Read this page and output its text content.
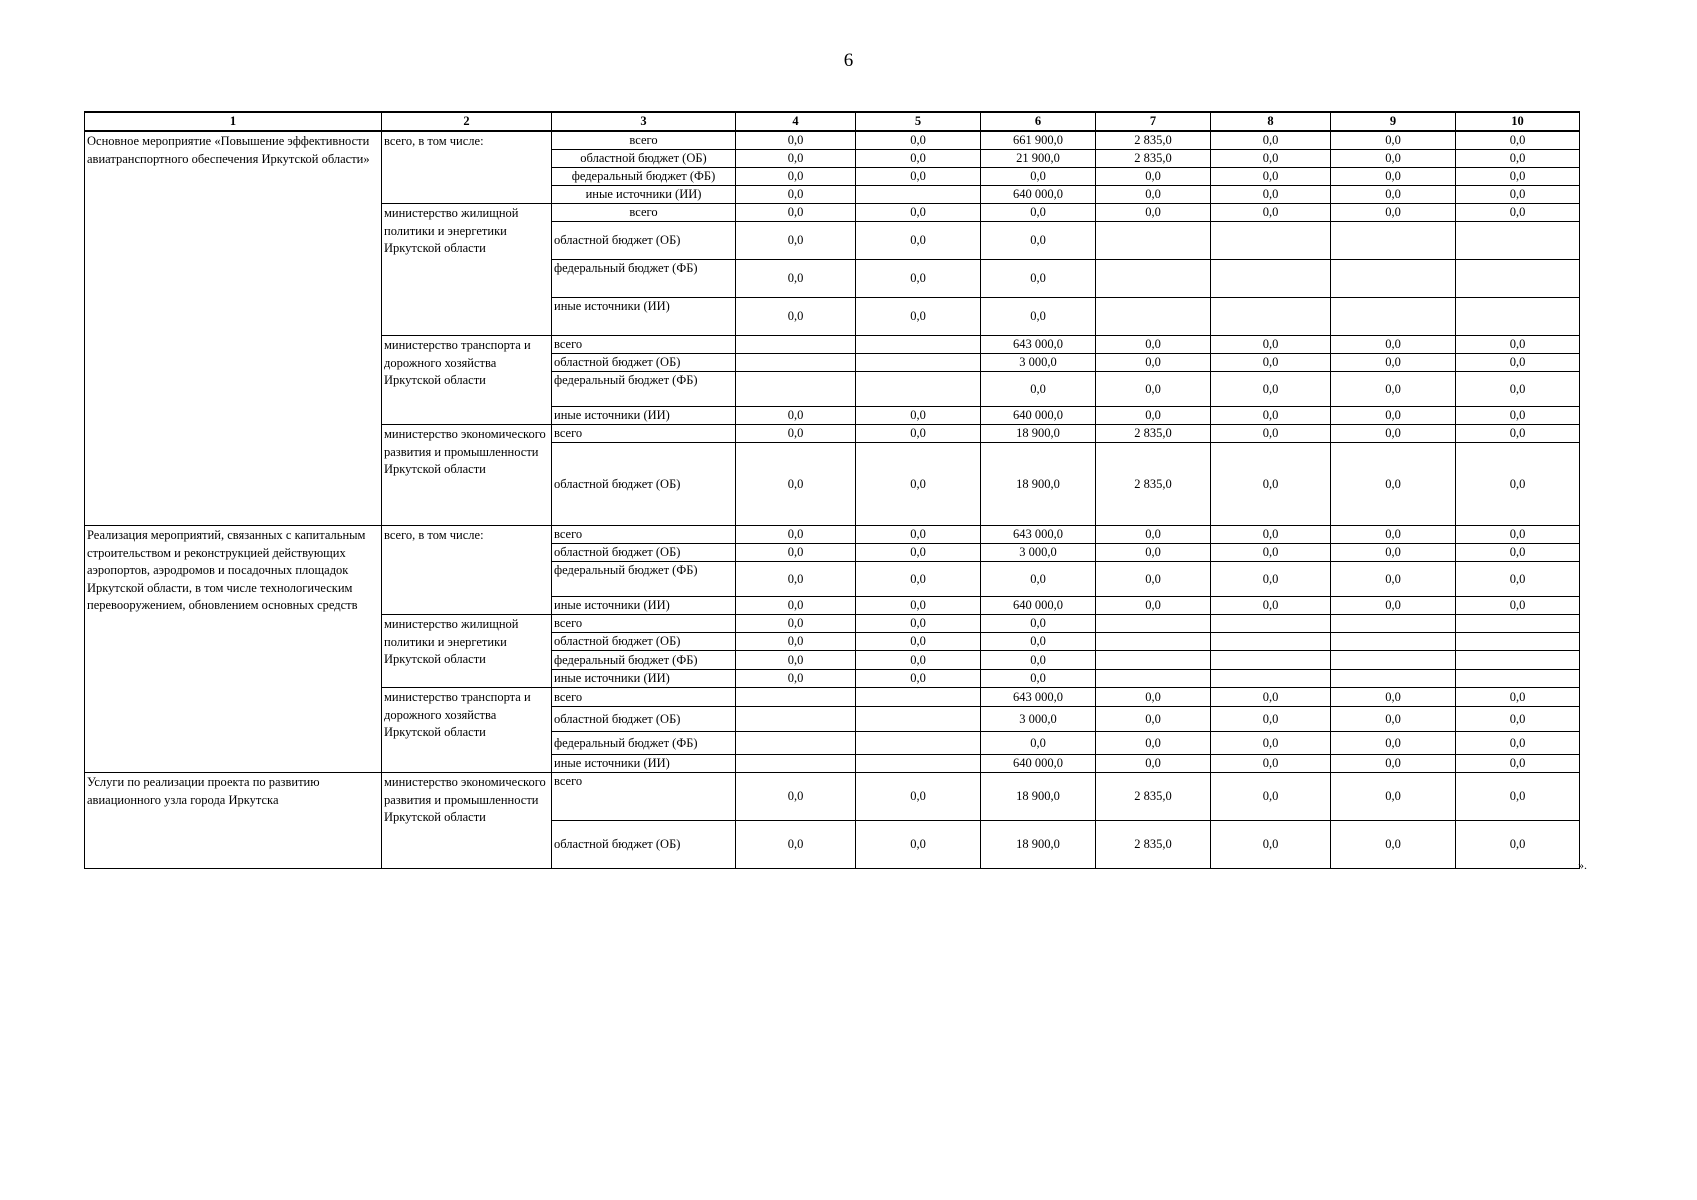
6
1	2	3	4	5	6	7	8	9	10
Основное мероприятие «Повышение эффективности авиатранспортного обеспечения Иркутской области»	всего, в том числе:	всего	0,0	0,0	661 900,0	2 835,0	0,0	0,0	0,0
		областной бюджет (ОБ)	0,0	0,0	21 900,0	2 835,0	0,0	0,0	0,0
		федеральный бюджет (ФБ)	0,0	0,0	0,0	0,0	0,0	0,0	0,0
		иные источники (ИИ)	0,0		640 000,0	0,0	0,0	0,0	0,0
	министерство жилищной политики и энергетики Иркутской области	всего	0,0	0,0	0,0	0,0	0,0	0,0	0,0
		областной бюджет (ОБ)	0,0	0,0	0,0				
		федеральный бюджет (ФБ)	0,0	0,0	0,0				
		иные источники (ИИ)	0,0	0,0	0,0				
	министерство транспорта и дорожного хозяйства Иркутской области	всего			643 000,0	0,0	0,0	0,0	0,0
		областной бюджет (ОБ)			3 000,0	0,0	0,0	0,0	0,0
		федеральный бюджет (ФБ)			0,0	0,0	0,0	0,0	0,0
		иные источники (ИИ)	0,0	0,0	640 000,0	0,0	0,0	0,0	0,0
	министерство экономического развития и промышленности Иркутской области	всего	0,0	0,0	18 900,0	2 835,0	0,0	0,0	0,0
		областной бюджет (ОБ)	0,0	0,0	18 900,0	2 835,0	0,0	0,0	0,0
Реализация мероприятий, связанных с капитальным строительством и реконструкцией действующих аэропортов, аэродромов и посадочных площадок Иркутской области, в том числе технологическим перевооружением, обновлением основных средств	всего, в том числе:	всего	0,0	0,0	643 000,0	0,0	0,0	0,0	0,0
		областной бюджет (ОБ)	0,0	0,0	3 000,0	0,0	0,0	0,0	0,0
		федеральный бюджет (ФБ)	0,0	0,0	0,0	0,0	0,0	0,0	0,0
		иные источники (ИИ)	0,0	0,0	640 000,0	0,0	0,0	0,0	0,0
	министерство жилищной политики и энергетики Иркутской области	всего	0,0	0,0	0,0				
		областной бюджет (ОБ)	0,0	0,0	0,0				
		федеральный бюджет (ФБ)	0,0	0,0	0,0				
		иные источники (ИИ)	0,0	0,0	0,0				
	министерство транспорта и дорожного хозяйства Иркутской области	всего			643 000,0	0,0	0,0	0,0	0,0
		областной бюджет (ОБ)			3 000,0	0,0	0,0	0,0	0,0
		федеральный бюджет (ФБ)			0,0	0,0	0,0	0,0	0,0
		иные источники (ИИ)			640 000,0	0,0	0,0	0,0	0,0
Услуги по реализации проекта по развитию авиационного узла города Иркутска	министерство экономического развития и промышленности Иркутской области	всего	0,0	0,0	18 900,0	2 835,0	0,0	0,0	0,0
		областной бюджет (ОБ)	0,0	0,0	18 900,0	2 835,0	0,0	0,0	0,0
».
